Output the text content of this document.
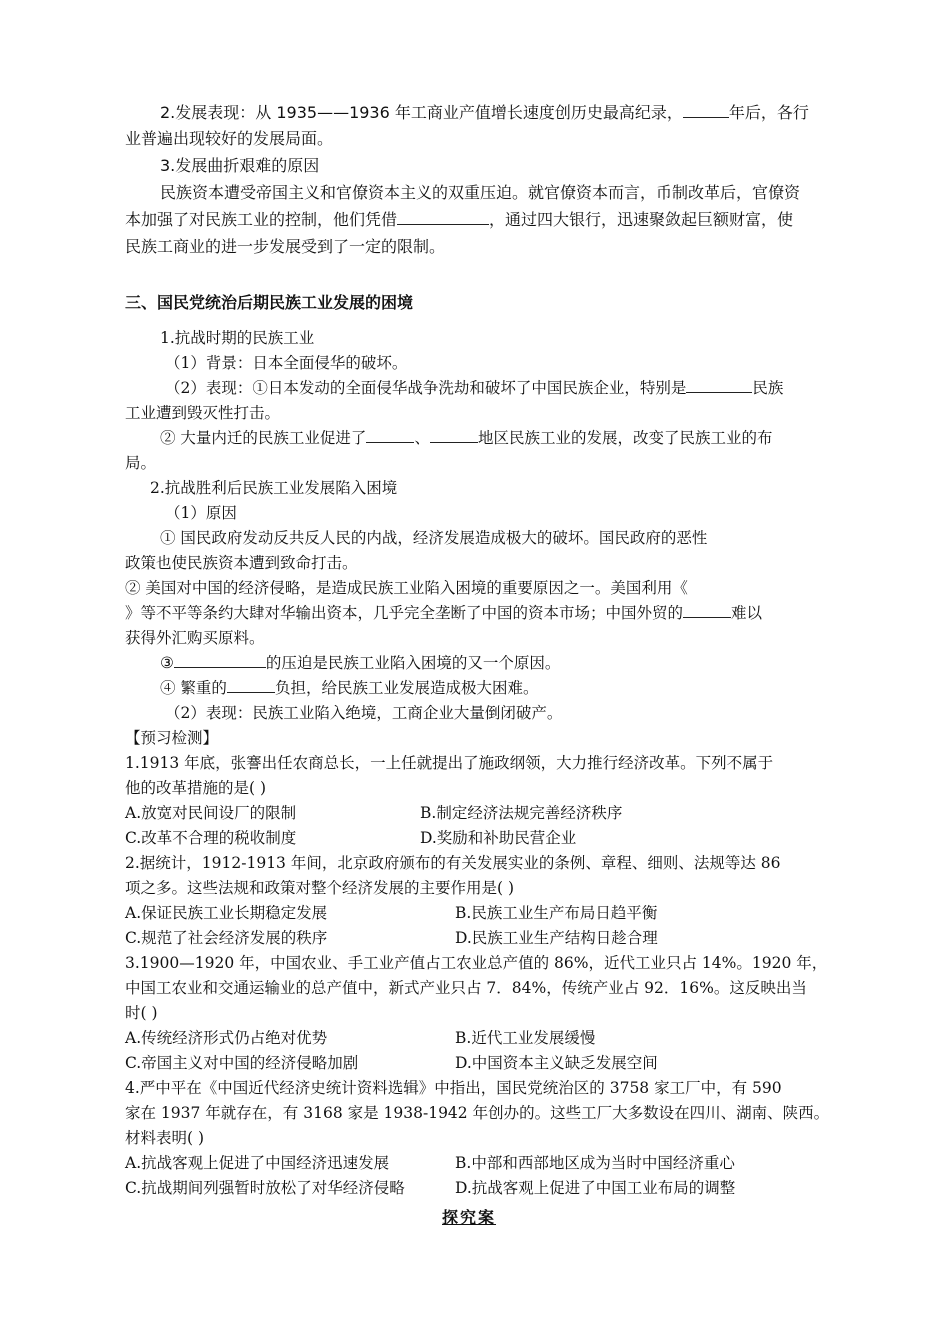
2.发展表现：从 1935——1936 年工商业产值增长速度创历史最高纪录，	年后，各行
业普遍出现较好的发展局面。
3.发展曲折艰难的原因
民族资本遭受帝国主义和官僚资本主义的双重压迫。就官僚资本而言，币制改革后，官僚资
本加强了对民族工业的控制，他们凭借	，通过四大银行，迅速聚敛起巨额财富，使
民族工商业的进一步发展受到了一定的限制。
三、国民党统治后期民族工业发展的困境
1.抗战时期的民族工业
（1）背景：日本全面侵华的破坏。
（2）表现：①日本发动的全面侵华战争洗劫和破坏了中国民族企业，特别是	民族
工业遭到毁灭性打击。
② 大量内迁的民族工业促进了	、	地区民族工业的发展，改变了民族工业的布
局。
2.抗战胜利后民族工业发展陷入困境
（1）原因
① 国民政府发动反共反人民的内战，经济发展造成极大的破坏。国民政府的恶性
政策也使民族资本遭到致命打击。
② 美国对中国的经济侵略，是造成民族工业陷入困境的重要原因之一。美国利用《
》等不平等条约大肆对华输出资本，几乎完全垄断了中国的资本市场；中国外贸的	难以
获得外汇购买原料。
③	的压迫是民族工业陷入困境的又一个原因。
④ 繁重的	负担，给民族工业发展造成极大困难。
（2）表现：民族工业陷入绝境，工商企业大量倒闭破产。
【预习检测】
1.1913 年底，张謇出任农商总长，一上任就提出了施政纲领，大力推行经济改革。下列不属于
他的改革措施的是( )
A.放宽对民间设厂的限制	B.制定经济法规完善经济秩序
C.改革不合理的税收制度	D.奖励和补助民营企业
2.据统计，1912-1913 年间，北京政府颁布的有关发展实业的条例、章程、细则、法规等达 86
项之多。这些法规和政策对整个经济发展的主要作用是( )
A.保证民族工业长期稳定发展	B.民族工业生产布局日趋平衡
C.规范了社会经济发展的秩序	D.民族工业生产结构日趁合理
3.1900—1920 年，中国农业、手工业产值占工农业总产值的 86%，近代工业只占 14%。1920 年，
中国工农业和交通运输业的总产值中，新式产业只占 7．84%，传统产业占 92．16%。这反映出当
时( )
A.传统经济形式仍占绝对优势	B.近代工业发展缓慢
C.帝国主义对中国的经济侵略加剧	D.中国资本主义缺乏发展空间
4.严中平在《中国近代经济史统计资料选辑》中指出，国民党统治区的 3758 家工厂中，有 590
家在 1937 年就存在，有 3168 家是 1938-1942 年创办的。这些工厂大多数设在四川、湖南、陕西。
材料表明( )
A.抗战客观上促进了中国经济迅速发展	B.中部和西部地区成为当时中国经济重心
C.抗战期间列强暂时放松了对华经济侵略	D.抗战客观上促进了中国工业布局的调整
探究案
